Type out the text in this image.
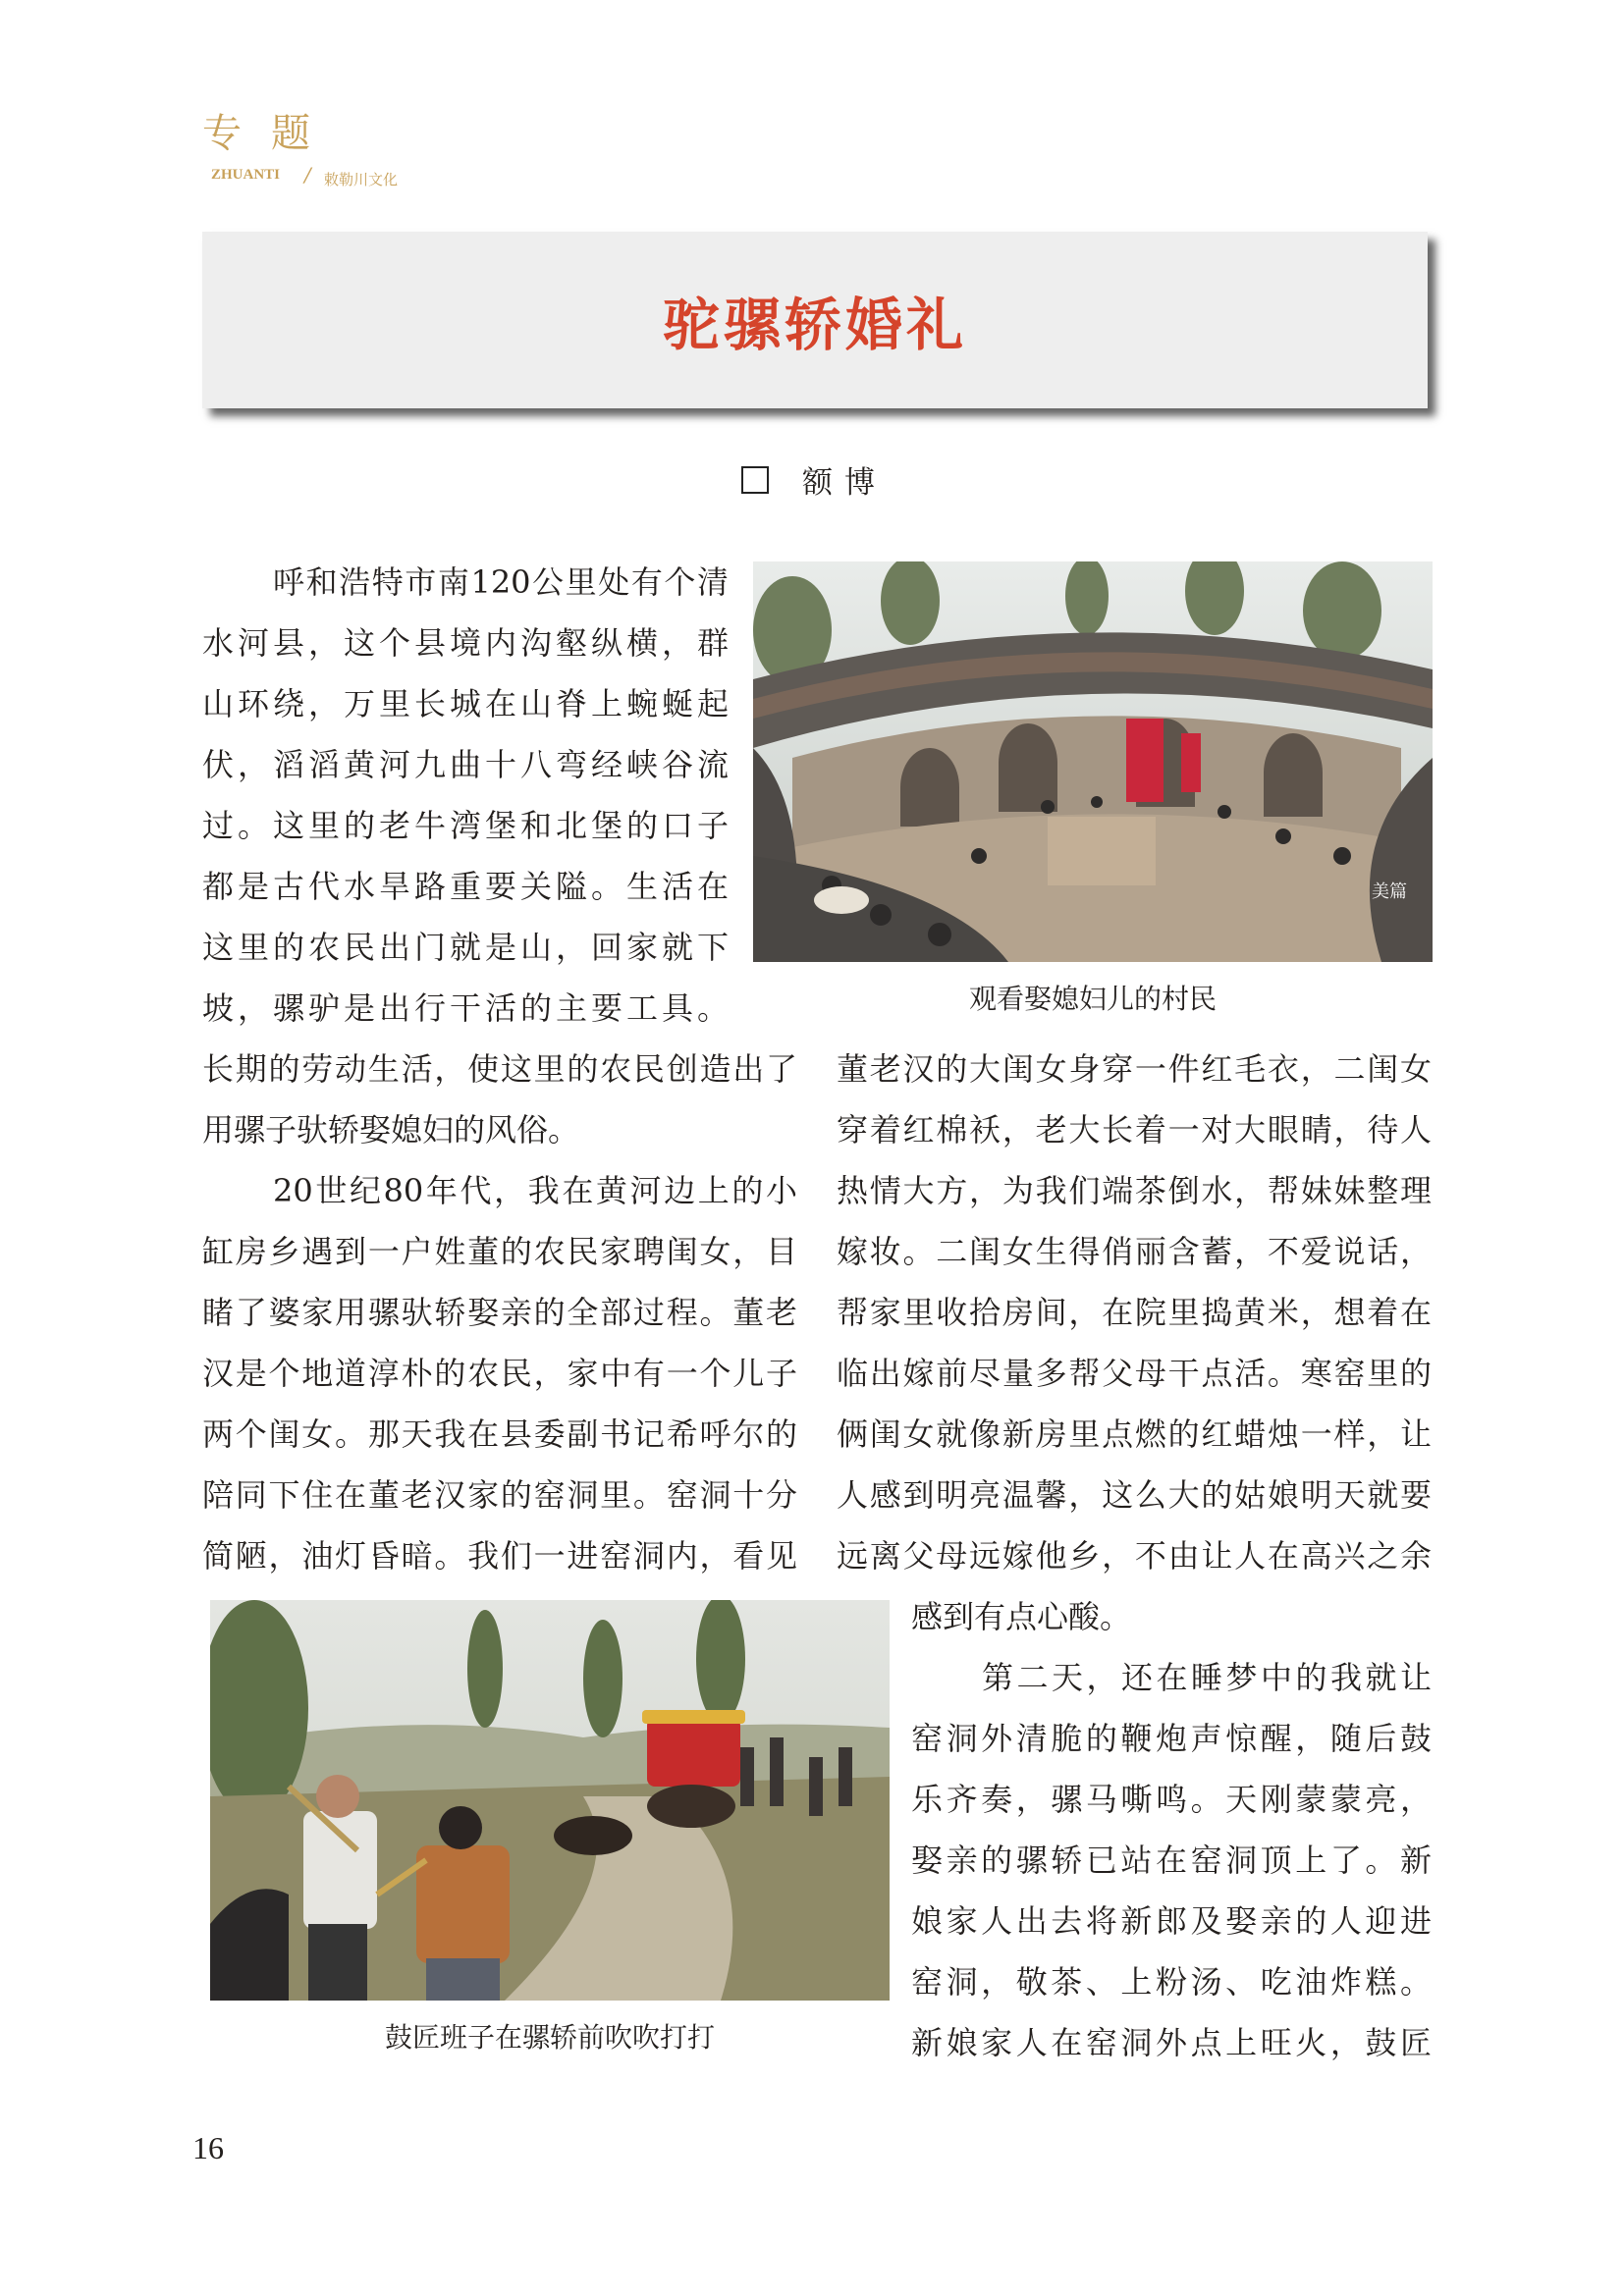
专题
ZHUANTI / 敕勒川文化
驼骡轿婚礼
额博
呼和浩特市南120公里处有个清
水河县，这个县境内沟壑纵横，群
山环绕，万里长城在山脊上蜿蜒起
伏，滔滔黄河九曲十八弯经峡谷流
过。这里的老牛湾堡和北堡的口子
都是古代水旱路重要关隘。生活在
这里的农民出门就是山，回家就下
坡，骡驴是出行干活的主要工具。
长期的劳动生活，使这里的农民创造出了
用骡子驮轿娶媳妇的风俗。
20世纪80年代，我在黄河边上的小
缸房乡遇到一户姓董的农民家聘闺女，目
睹了婆家用骡驮轿娶亲的全部过程。董老
汉是个地道淳朴的农民，家中有一个儿子
两个闺女。那天我在县委副书记希呼尔的
陪同下住在董老汉家的窑洞里。窑洞十分
简陋，油灯昏暗。我们一进窑洞内，看见
董老汉的大闺女身穿一件红毛衣，二闺女
穿着红棉袄，老大长着一对大眼睛，待人
热情大方，为我们端茶倒水，帮妹妹整理
嫁妆。二闺女生得俏丽含蓄，不爱说话，
帮家里收拾房间，在院里捣黄米，想着在
临出嫁前尽量多帮父母干点活。寒窑里的
俩闺女就像新房里点燃的红蜡烛一样，让
人感到明亮温馨，这么大的姑娘明天就要
远离父母远嫁他乡，不由让人在高兴之余
感到有点心酸。
第二天，还在睡梦中的我就让
窑洞外清脆的鞭炮声惊醒，随后鼓
乐齐奏，骡马嘶鸣。天刚蒙蒙亮，
娶亲的骡轿已站在窑洞顶上了。新
娘家人出去将新郎及娶亲的人迎进
窑洞，敬茶、上粉汤、吃油炸糕。
新娘家人在窑洞外点上旺火，鼓匠
美篇
观看娶媳妇儿的村民
鼓匠班子在骡轿前吹吹打打
16
